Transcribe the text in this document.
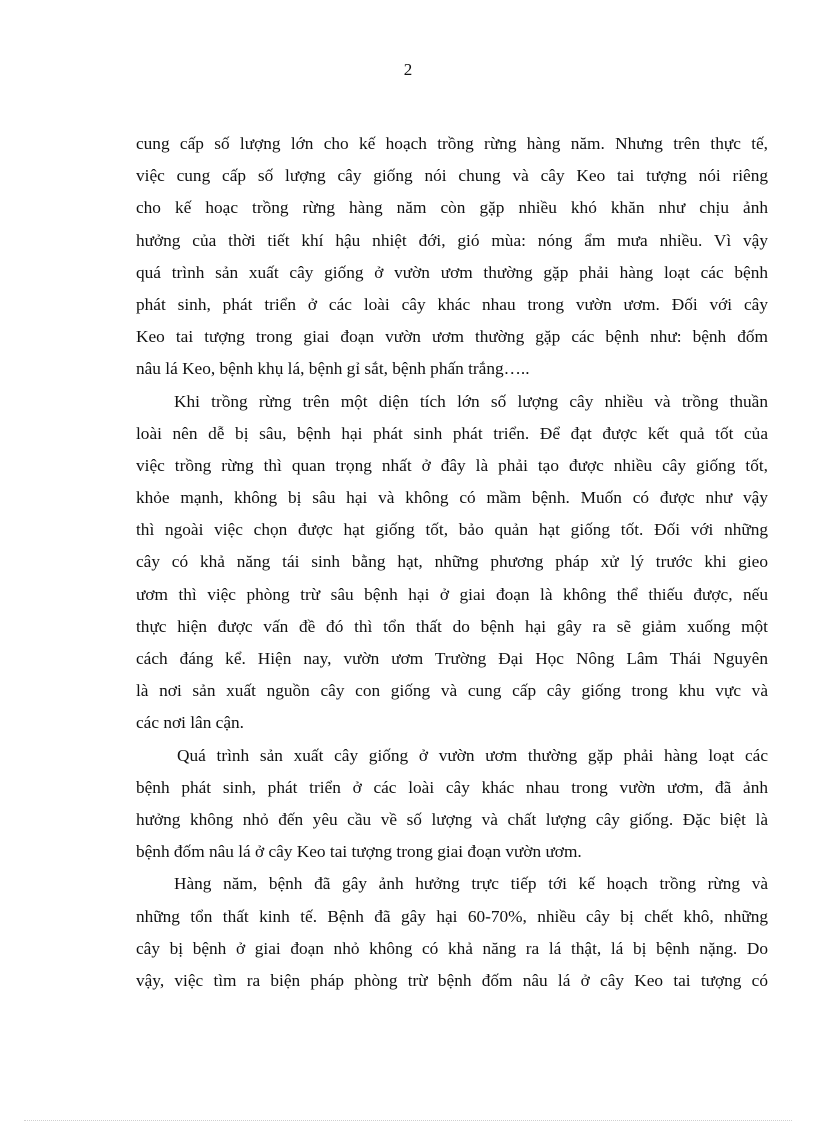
2
cung cấp số lượng lớn cho kế hoạch trồng rừng hàng năm. Nhưng trên thực tế,
việc cung cấp số lượng cây giống nói chung và cây Keo tai tượng nói riêng
cho kế hoạc trồng rừng hàng năm còn gặp nhiều khó khăn như chịu ảnh
hưởng của thời tiết khí hậu nhiệt đới, gió mùa: nóng ẩm mưa nhiều. Vì vậy
quá trình sản xuất cây giống ở vườn ươm thường gặp phải hàng loạt các bệnh
phát sinh, phát triển ở các loài cây khác nhau trong vườn ươm. Đối với cây
Keo tai tượng trong giai đoạn vườn ươm thường gặp các bệnh như: bệnh đốm
nâu lá Keo, bệnh khụ lá, bệnh gỉ sắt, bệnh phấn trắng…..
Khi trồng rừng trên một diện tích lớn số lượng cây nhiều và trồng thuần
loài nên dễ bị sâu, bệnh hại phát sinh phát triển. Để đạt được kết quả tốt của
việc trồng rừng thì quan trọng nhất ở đây là phải tạo được nhiều cây giống tốt,
khỏe mạnh, không bị sâu hại và không có mầm bệnh. Muốn có được như vậy
thì ngoài việc chọn được hạt giống tốt, bảo quản hạt giống tốt. Đối với những
cây có khả năng tái sinh bằng hạt, những phương pháp xử lý trước khi gieo
ươm thì việc phòng trừ sâu bệnh hại ở giai đoạn là không thể thiếu được, nếu
thực hiện được vấn đề đó thì tổn thất do bệnh hại gây ra sẽ giảm xuống một
cách đáng kể. Hiện nay, vườn ươm Trường Đại Học Nông Lâm Thái Nguyên
là nơi sản xuất nguồn cây con giống và cung cấp cây giống trong khu vực và
các nơi lân cận.
Quá trình sản xuất cây giống ở vườn ươm thường gặp phải hàng loạt các
bệnh phát sinh, phát triển ở các loài cây khác nhau trong vườn ươm, đã ảnh
hưởng không nhỏ đến yêu cầu về số lượng và chất lượng cây giống. Đặc biệt là
bệnh đốm nâu lá ở cây Keo tai tượng trong giai đoạn vườn ươm.
Hàng năm, bệnh đã gây ảnh hưởng trực tiếp tới kế hoạch trồng rừng và
những tổn thất kinh tế. Bệnh đã gây hại 60-70%, nhiều cây bị chết khô, những
cây bị bệnh ở giai đoạn nhỏ không có khả năng ra lá thật, lá bị bệnh nặng. Do
vậy, việc tìm ra biện pháp phòng trừ bệnh đốm nâu lá ở cây Keo tai tượng có
